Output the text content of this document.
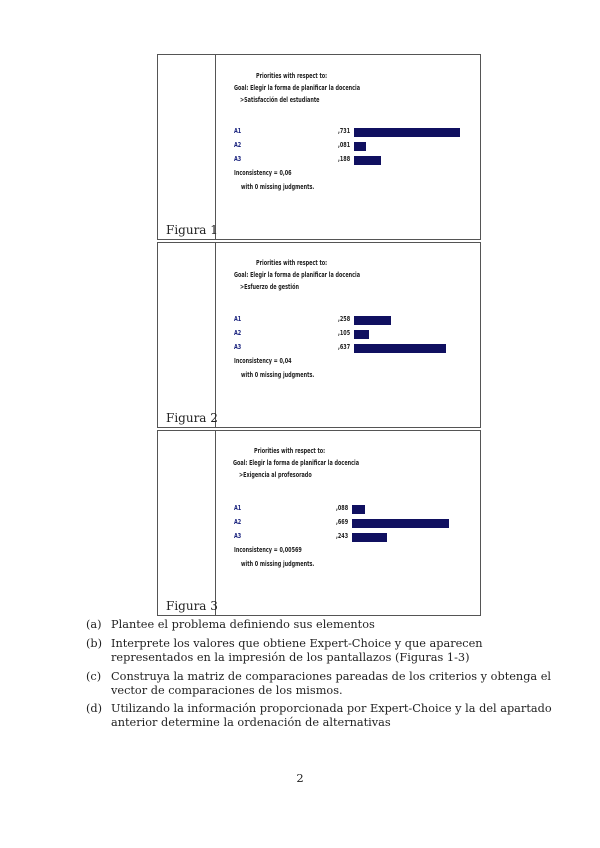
Figura 1
Priorities with respect to:
Goal: Elegir la forma de planificar la docencia
>Satisfacción del estudiante
A1
A2
A3
,731
,081
,188
Inconsistency = 0,06
with 0 missing judgments.
Figura 2
Priorities with respect to:
Goal: Elegir la forma de planificar la docencia
>Esfuerzo de gestión
A1
A2
A3
,258
,105
,637
Inconsistency = 0,04
with 0 missing judgments.
Figura 3
Priorities with respect to:
Goal: Elegir la forma de planificar la docencia
>Exigencia al profesorado
A1
A2
A3
,088
,669
,243
Inconsistency = 0,00569
with 0 missing judgments.
(a) Plantee el problema definiendo sus elementos
(b) Interprete los valores que obtiene Expert-Choice y que aparecen representados en la impresión de los pantallazos (Figuras 1-3)
(c) Construya la matriz de comparaciones pareadas de los criterios y obtenga el vector de comparaciones de los mismos.
(d) Utilizando la información proporcionada por Expert-Choice y la del apartado anterior determine la ordenación de alternativas
2
